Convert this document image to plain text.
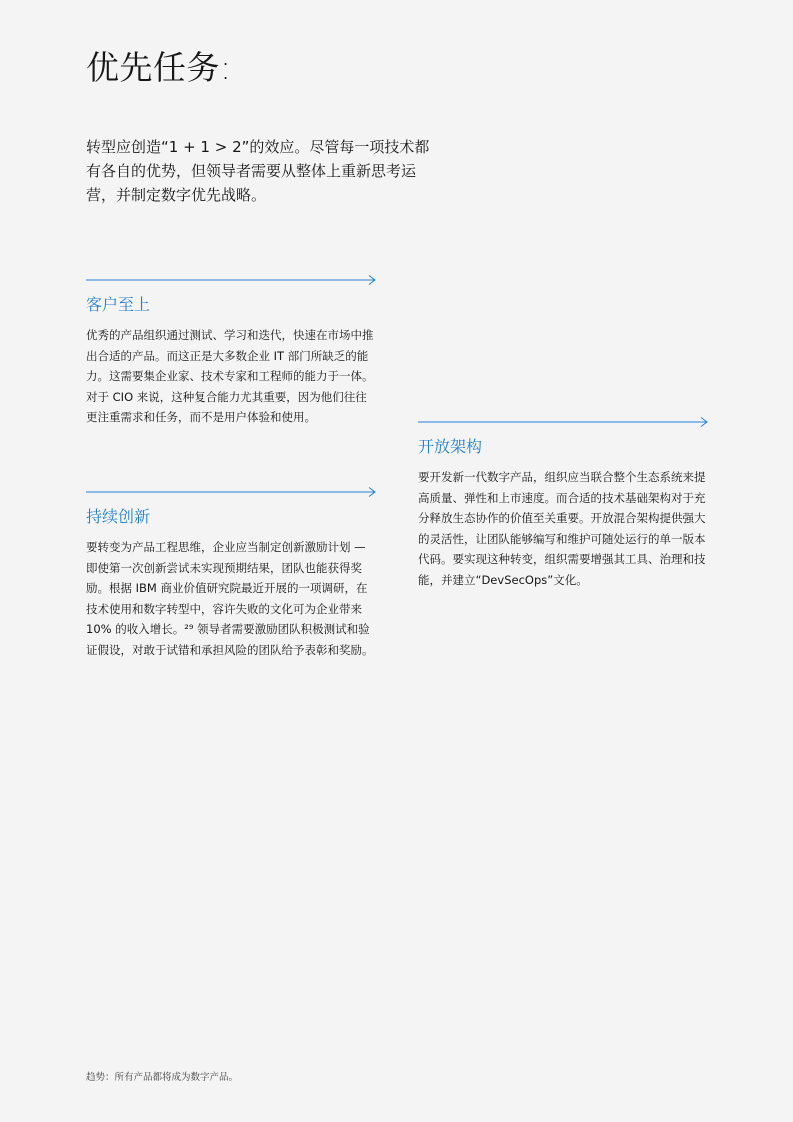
优先任务:

转型应创造“1 + 1 > 2”的效应。尽管每一项技术都有各自的优势，但领导者需要从整体上重新思考运营，并制定数字优先战略。

客户至上

优秀的产品组织通过测试、学习和迭代，快速在市场中推出合适的产品。而这正是大多数企业 IT 部门所缺乏的能力。这需要集企业家、技术专家和工程师的能力于一体。对于 CIO 来说，这种复合能力尤其重要，因为他们往往更注重需求和任务，而不是用户体验和使用。

持续创新

要转变为产品工程思维，企业应当制定创新激励计划 — 即使第一次创新尝试未实现预期结果，团队也能获得奖励。根据 IBM 商业价值研究院最近开展的一项调研，在技术使用和数字转型中，容许失败的文化可为企业带来 10% 的收入增长。²⁹ 领导者需要激励团队积极测试和验证假设，对敢于试错和承担风险的团队给予表彰和奖励。

开放架构

要开发新一代数字产品，组织应当联合整个生态系统来提高质量、弹性和上市速度。而合适的技术基础架构对于充分释放生态协作的价值至关重要。开放混合架构提供强大的灵活性，让团队能够编写和维护可随处运行的单一版本代码。要实现这种转变，组织需要增强其工具、治理和技能，并建立“DevSecOps”文化。

趋势：所有产品都将成为数字产品。
